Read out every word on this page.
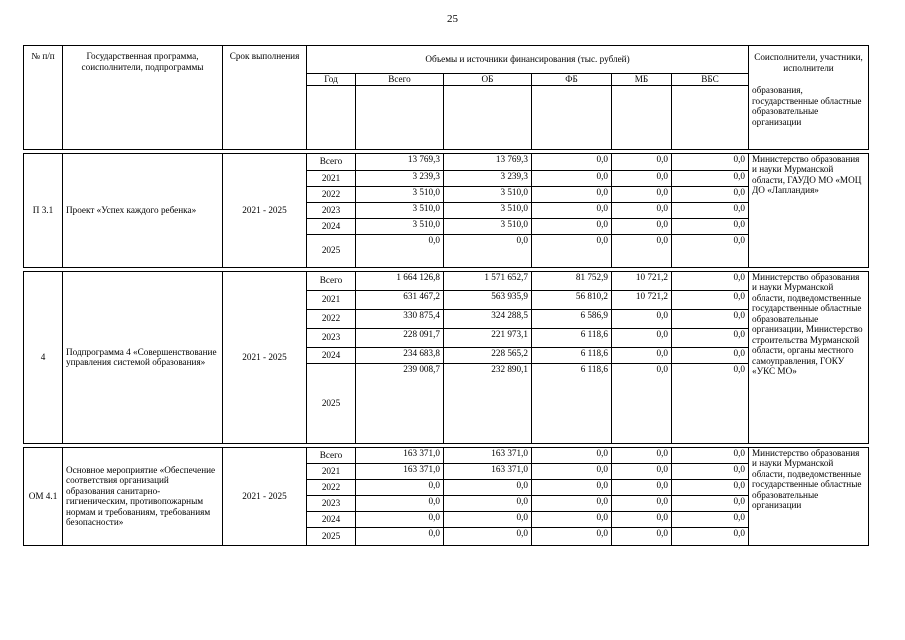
25
№ п/п	Государственная программа, соисполнители, подпрограммы	Срок выполнения	Объемы и источники финансирования (тыс. рублей)						Соисполнители, участники, исполнители
			Год	Всего	ОБ	ФБ	МБ	ВБС	образования, государственные областные образовательные организации

П 3.1	Проект «Успех каждого ребенка»	2021 - 2025	Всего	13 769,3	13 769,3	0,0	0,0	0,0	Министерство образования и науки Мурманской области, ГАУДО МО «МОЦ ДО «Лапландия»
			2021	3 239,3	3 239,3	0,0	0,0	0,0	
			2022	3 510,0	3 510,0	0,0	0,0	0,0	
			2023	3 510,0	3 510,0	0,0	0,0	0,0	
			2024	3 510,0	3 510,0	0,0	0,0	0,0	
			2025	0,0	0,0	0,0	0,0	0,0	

4	Подпрограмма 4 «Совершенствование управления системой образования»	2021 - 2025	Всего	1 664 126,8	1 571 652,7	81 752,9	10 721,2	0,0	Министерство образования и науки Мурманской области, подведомственные государственные областные образовательные организации, Министерство строительства Мурманской области, органы местного самоуправления, ГОКУ «УКС МО»
			2021	631 467,2	563 935,9	56 810,2	10 721,2	0,0	
			2022	330 875,4	324 288,5	6 586,9	0,0	0,0	
			2023	228 091,7	221 973,1	6 118,6	0,0	0,0	
			2024	234 683,8	228 565,2	6 118,6	0,0	0,0	
			2025	239 008,7	232 890,1	6 118,6	0,0	0,0	

ОМ 4.1	Основное мероприятие «Обеспечение соответствия организаций образования санитарно-гигиеническим, противопожарным нормам и требованиям, требованиям безопасности»	2021 - 2025	Всего	163 371,0	163 371,0	0,0	0,0	0,0	Министерство образования и науки Мурманской области, подведомственные государственные областные образовательные организации
			2021	163 371,0	163 371,0	0,0	0,0	0,0	
			2022	0,0	0,0	0,0	0,0	0,0	
			2023	0,0	0,0	0,0	0,0	0,0	
			2024	0,0	0,0	0,0	0,0	0,0	
			2025	0,0	0,0	0,0	0,0	0,0	
